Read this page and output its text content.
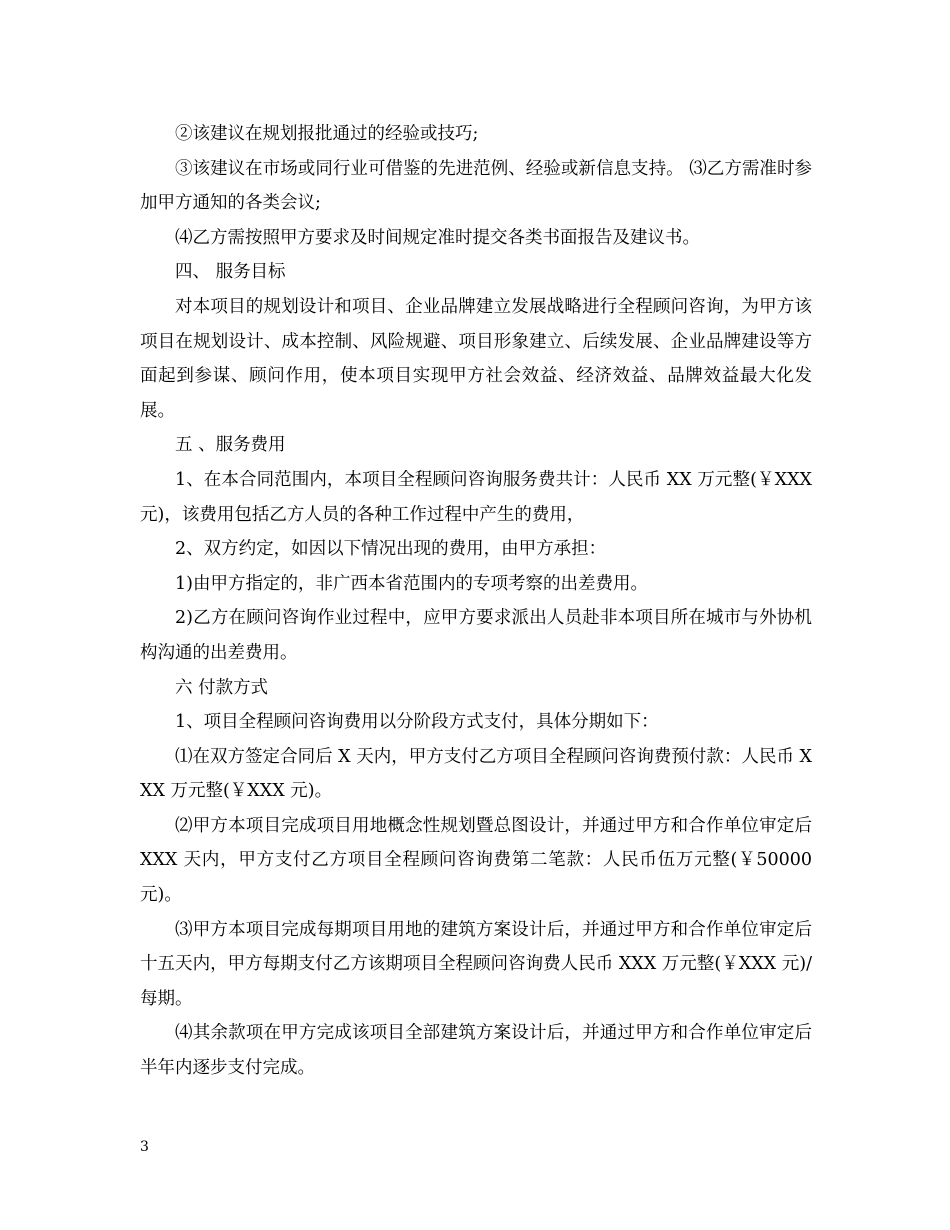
②该建议在规划报批通过的经验或技巧;

③该建议在市场或同行业可借鉴的先进范例、经验或新信息支持。 ⑶乙方需准时参加甲方通知的各类会议;

⑷乙方需按照甲方要求及时间规定准时提交各类书面报告及建议书。

四、 服务目标

对本项目的规划设计和项目、企业品牌建立发展战略进行全程顾问咨询，为甲方该项目在规划设计、成本控制、风险规避、项目形象建立、后续发展、企业品牌建设等方面起到参谋、顾问作用，使本项目实现甲方社会效益、经济效益、品牌效益最大化发展。

五 、服务费用

1、在本合同范围内，本项目全程顾问咨询服务费共计：人民币 XX 万元整(￥XXX 元)，该费用包括乙方人员的各种工作过程中产生的费用，

2、双方约定，如因以下情况出现的费用，由甲方承担：

1)由甲方指定的，非广西本省范围内的专项考察的出差费用。

2)乙方在顾问咨询作业过程中，应甲方要求派出人员赴非本项目所在城市与外协机构沟通的出差费用。

六 付款方式

1、项目全程顾问咨询费用以分阶段方式支付，具体分期如下：

⑴在双方签定合同后 X 天内，甲方支付乙方项目全程顾问咨询费预付款：人民币 XXX 万元整(￥XXX 元)。

⑵甲方本项目完成项目用地概念性规划暨总图设计，并通过甲方和合作单位审定后 XXX 天内，甲方支付乙方项目全程顾问咨询费第二笔款：人民币伍万元整(￥50000 元)。

⑶甲方本项目完成每期项目用地的建筑方案设计后，并通过甲方和合作单位审定后十五天内，甲方每期支付乙方该期项目全程顾问咨询费人民币 XXX 万元整(￥XXX 元)/每期。

⑷其余款项在甲方完成该项目全部建筑方案设计后，并通过甲方和合作单位审定后半年内逐步支付完成。

3
